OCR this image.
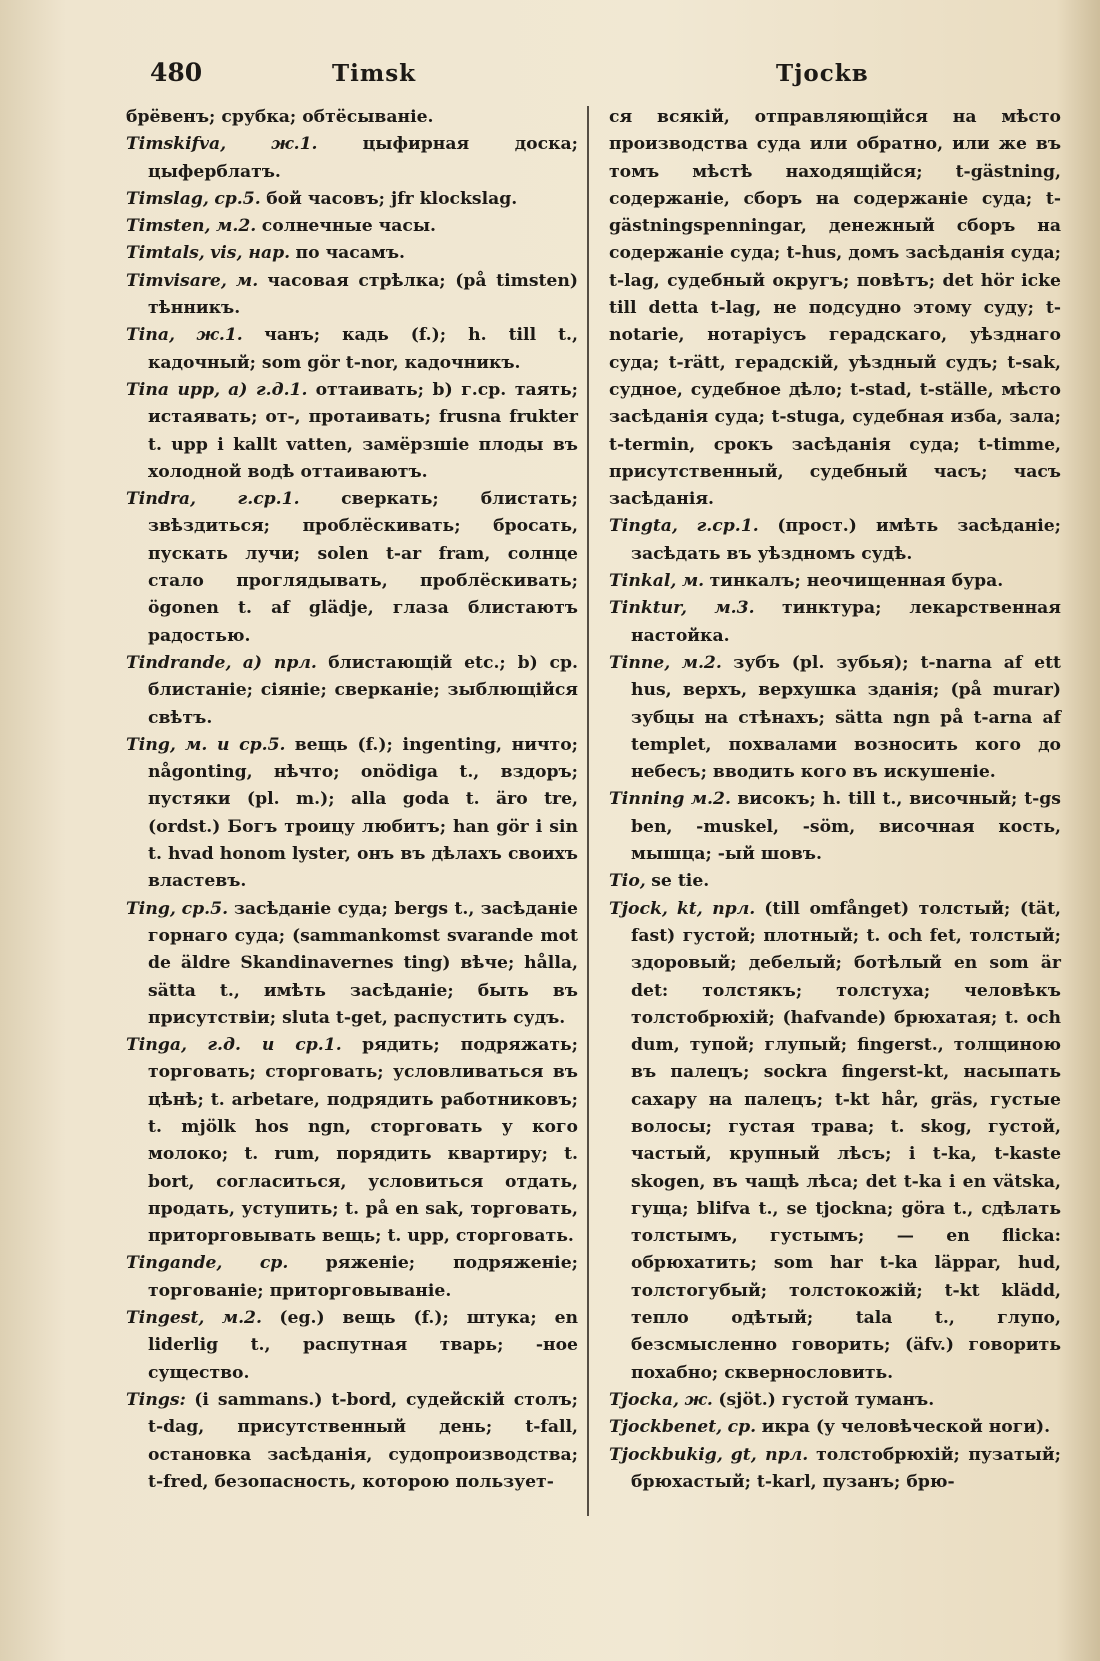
480	Timsk	Tjockв

брёвенъ; срубка; обтёсываніе.

Timskifva,	ж.1.	цыфирная доска; цыферблатъ.

Timslag, ср.5. бой часовъ; jfr klockslag.

Timsten, м.2. солнечные часы.

Timtals, vis, нар. по часамъ.

Timvisare, м. часовая стрѣлка; (på timsten) тѣнникъ.

Tina, ж.1. чанъ; кадь (f.); h. till t., кадочный; som gör t-nor, кадочникъ.

Tina upp, а) г.д.1. оттаивать; b) г.ср. таять; истаявать; от-, протаивать; frusna frukter t. upp i kallt vatten, замёрзшіе плоды въ холодной водѣ оттаиваютъ.

Tindra, г.ср.1. сверкать; блистать; звѣздиться; проблёскивать; бросать, пускать лучи; solen t-ar fram, солнце стало проглядывать, проблёскивать; ögonen t. af glädje, глаза блистаютъ радостью.

Tindrande, а) прл. блистающій etc.; b) ср. блистаніе; сіяніе; сверканіе; зыблющійся свѣтъ.

Ting, м. и ср.5. вещь (f.); ingenting, ничто; någonting, нѣчто; onödiga t., вздоръ; пустяки (pl. m.); alla goda t. äro tre, (ordst.) Богъ троицу любитъ; han gör i sin t. hvad honom lyster, онъ въ дѣлахъ своихъ властевъ.

Ting, ср.5. засѣданіе суда; bergs t., засѣданіе горнаго суда; (sammankomst svarande mot de äldre Skandinavernes ting) вѣче; hålla, sätta t., имѣть засѣданіе; быть въ присутствіи; sluta t-get, распустить судъ.

Tinga, г.д. и ср.1. рядить; подряжать; торговать; сторговать; условливаться въ цѣнѣ; t. arbetare, подрядить работниковъ; t. mjölk hos ngn, сторговать у кого молоко; t. rum, порядить квартиру; t. bort, согласиться, условиться отдать, продать, уступить; t. på en sak, торговать, приторговывать вещь; t. upp, сторговать.

Tingande, ср. ряженіе; подряженіе; торгованіе; приторговываніе.

Tingest, м.2. (eg.) вещь (f.); штука; en liderlig t., распутная тварь; -ное существо.

Tings: (i sammans.) t-bord, судейскій столъ; t-dag, присутственный день; t-fall, остановка засѣданія, судопроизводства; t-fred, безопасность, которою пользует-

ся всякій, отправляющійся на мѣсто производства суда или обратно, или же въ томъ мѣстѣ находящійся; t-gästning, содержаніе, сборъ на содержаніе суда; t-gästningspenningar, денежный сборъ на содержаніе суда; t-hus, домъ засѣданія суда; t-lag, судебный округъ; повѣтъ; det hör icke till detta t-lag, не подсудно этому суду; t-notarie, нотаріусъ герадскаго, уѣзднаго суда; t-rätt, герадскій, уѣздный судъ; t-sak, судное, судебное дѣло; t-stad, t-ställe, мѣсто засѣданія суда; t-stuga, судебная изба, зала; t-termin, срокъ засѣданія суда; t-timme, присутственный, судебный часъ; часъ засѣданія.

Tingta, г.ср.1. (прост.) имѣть засѣданіе; засѣдать въ уѣздномъ судѣ.

Tinkal, м. тинкалъ; неочищенная бура.

Tinktur, м.3. тинктура; лекарственная настойка.

Tinne, м.2. зубъ (pl. зубья); t-narna af ett hus, верхъ, верхушка зданія; (på murar) зубцы на стѣнахъ; sätta ngn på t-arna af templet, похвалами возносить кого до небесъ; вводить кого въ искушеніе.

Tinning м.2. високъ; h. till t., височный; t-gs ben, -muskel, -söm, височная кость, мышца; -ый шовъ.

Tio, se tie.

Tjock, kt, прл. (till omfånget) толстый; (tät, fast) густой; плотный; t. och fet, толстый; здоровый; дебелый; ботѣлый en som är det: толстякъ; толстуха; человѣкъ толстобрюхій; (hafvande) брюхатая; t. och dum, тупой; глупый; fingerst., толщиною въ палецъ; sockra fingerst-kt, насыпать сахару на палецъ; t-kt hår, gräs, густые волосы; густая трава; t. skog, густой, частый, крупный лѣсъ; i t-ka, t-kaste skogen, въ чащѣ лѣса; det t-ka i en vätska, гуща; blifva t., se tjockna; göra t., сдѣлать толстымъ, густымъ; — en flicka: обрюхатить; som har t-ka läppar, hud, толстогубый; толстокожій; t-kt klädd, тепло одѣтый; tala t., глупо, безсмысленно говорить; (äfv.) говорить похабно; сквернословить.

Tjocka, ж. (sjöt.) густой туманъ.

Tjockbenet, ср. икра (у человѣческой ноги).

Tjockbukig, gt, прл. толстобрюхій; пузатый; брюхастый; t-karl, пузанъ; брю-
